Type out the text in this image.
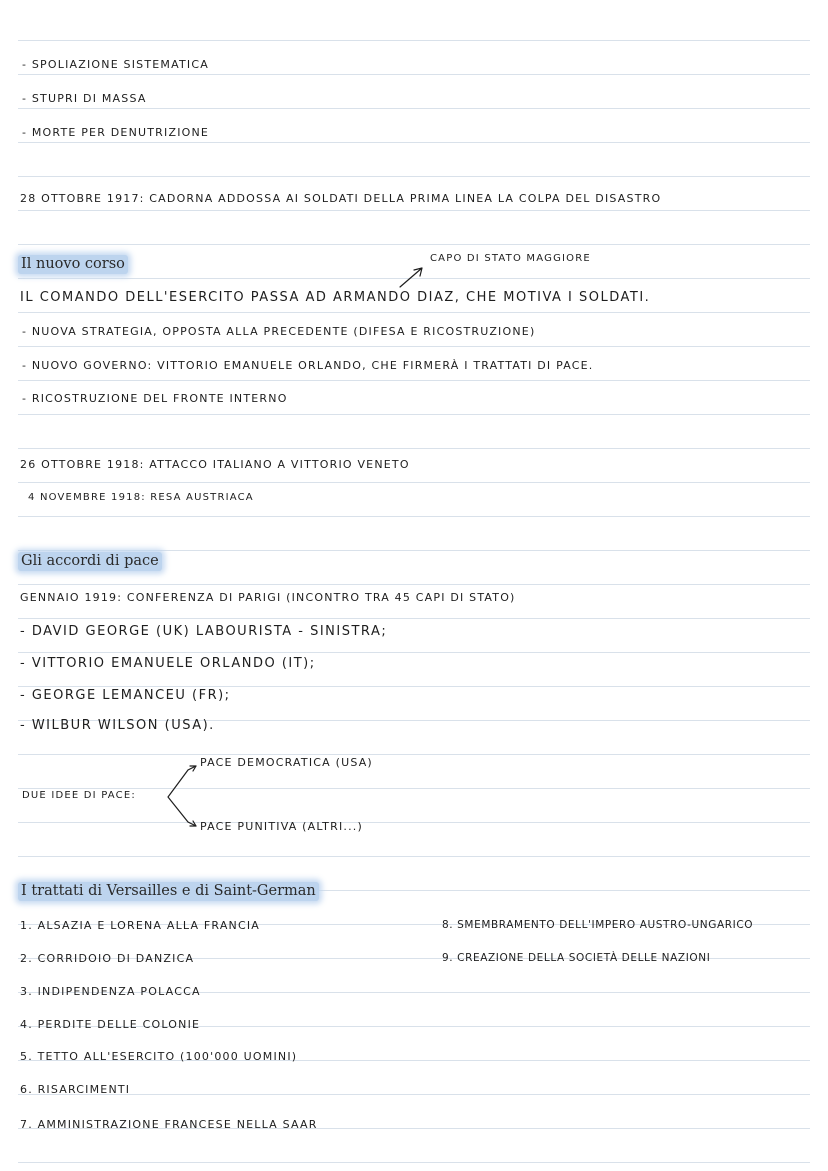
- SPOLIAZIONE SISTEMATICA
- STUPRI DI MASSA
- MORTE PER DENUTRIZIONE
28 OTTOBRE 1917: CADORNA ADDOSSA AI SOLDATI DELLA PRIMA LINEA LA COLPA DEL DISASTRO
Il nuovo corso	CAPO DI STATO MAGGIORE
IL COMANDO DELL'ESERCITO PASSA AD ARMANDO DIAZ, CHE MOTIVA I SOLDATI.
- NUOVA STRATEGIA, OPPOSTA ALLA PRECEDENTE (DIFESA E RICOSTRUZIONE)
- NUOVO GOVERNO: VITTORIO EMANUELE ORLANDO, CHE FIRMERÀ I TRATTATI DI PACE.
- RICOSTRUZIONE DEL FRONTE INTERNO
26 OTTOBRE 1918: ATTACCO ITALIANO A VITTORIO VENETO
4 NOVEMBRE 1918: RESA AUSTRIACA
Gli accordi di pace
GENNAIO 1919: CONFERENZA DI PARIGI (INCONTRO TRA 45 CAPI DI STATO)
- DAVID GEORGE (UK) LABOURISTA - SINISTRA;
- VITTORIO EMANUELE ORLANDO (IT);
- GEORGE LEMANCEU (FR);
- WILBUR WILSON (USA).
DUE IDEE DI PACE:
PACE DEMOCRATICA (USA)
PACE PUNITIVA (ALTRI...)
I trattati di Versailles e di Saint-German
1. ALSAZIA E LORENA ALLA FRANCIA
2. CORRIDOIO DI DANZICA
3. INDIPENDENZA POLACCA
4. PERDITE DELLE COLONIE
5. TETTO ALL'ESERCITO (100'000 UOMINI)
6. RISARCIMENTI
7. AMMINISTRAZIONE FRANCESE NELLA SAAR
8. SMEMBRAMENTO DELL'IMPERO AUSTRO-UNGARICO
9. CREAZIONE DELLA SOCIETÀ DELLE NAZIONI
